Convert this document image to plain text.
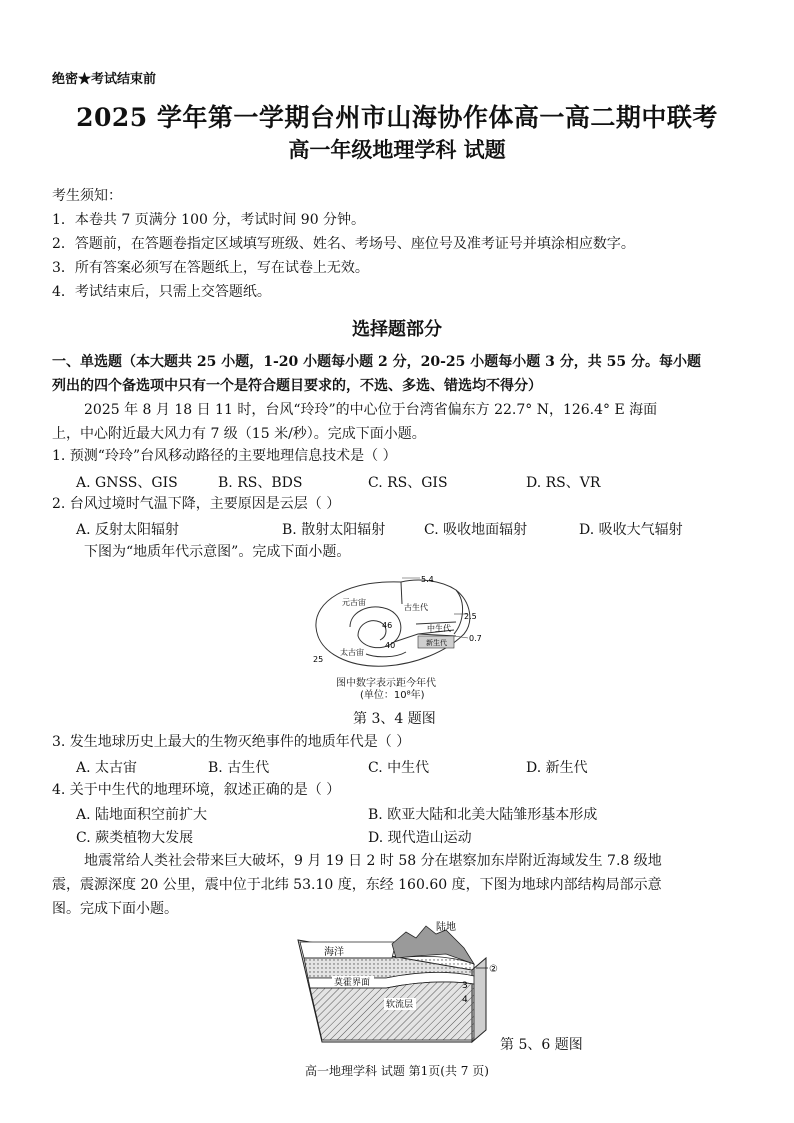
绝密★考试结束前
2025 学年第一学期台州市山海协作体高一高二期中联考
高一年级地理学科 试题
考生须知：
1．本卷共 7 页满分 100 分，考试时间 90 分钟。
2．答题前，在答题卷指定区域填写班级、姓名、考场号、座位号及准考证号并填涂相应数字。
3．所有答案必须写在答题纸上，写在试卷上无效。
4．考试结束后，只需上交答题纸。
选择题部分
一、单选题（本大题共 25 小题，1-20 小题每小题 2 分，20-25 小题每小题 3 分，共 55 分。每小题
列出的四个备选项中只有一个是符合题目要求的，不选、多选、错选均不得分）
2025 年 8 月 18 日 11 时，台风“玲玲”的中心位于台湾省偏东方 22.7° N，126.4° E 海面
上，中心附近最大风力有 7 级（15 米/秒）。完成下面小题。
1. 预测“玲玲”台风移动路径的主要地理信息技术是（ ）
A. GNSS、GIS	B. RS、BDS	C. RS、GIS	D. RS、VR
2. 台风过境时气温下降，主要原因是云层（ ）
A. 反射太阳辐射	B. 散射太阳辐射	C. 吸收地面辐射	D. 吸收大气辐射
下图为“地质年代示意图”。完成下面小题。
元古宙
古生代
中生代
新生代
太古宙
5.4
2.5
0.7
46
40
25
图中数字表示距今年代
(单位：10⁸年)
第 3、4 题图
3. 发生地球历史上最大的生物灭绝事件的地质年代是（ ）
A. 太古宙	B. 古生代	C. 中生代	D. 新生代
4. 关于中生代的地理环境，叙述正确的是（ ）
A. 陆地面积空前扩大	B. 欧亚大陆和北美大陆雏形基本形成
C. 蕨类植物大发展	D. 现代造山运动
地震常给人类社会带来巨大破坏，9 月 19 日 2 时 58 分在堪察加东岸附近海域发生 7.8 级地
震，震源深度 20 公里，震中位于北纬 53.10 度，东经 160.60 度，下图为地球内部结构局部示意
图。完成下面小题。
陆地
海洋
莫霍界面
软流层
②
3
4
第 5、6 题图
高一地理学科 试题 第1页(共 7 页)
